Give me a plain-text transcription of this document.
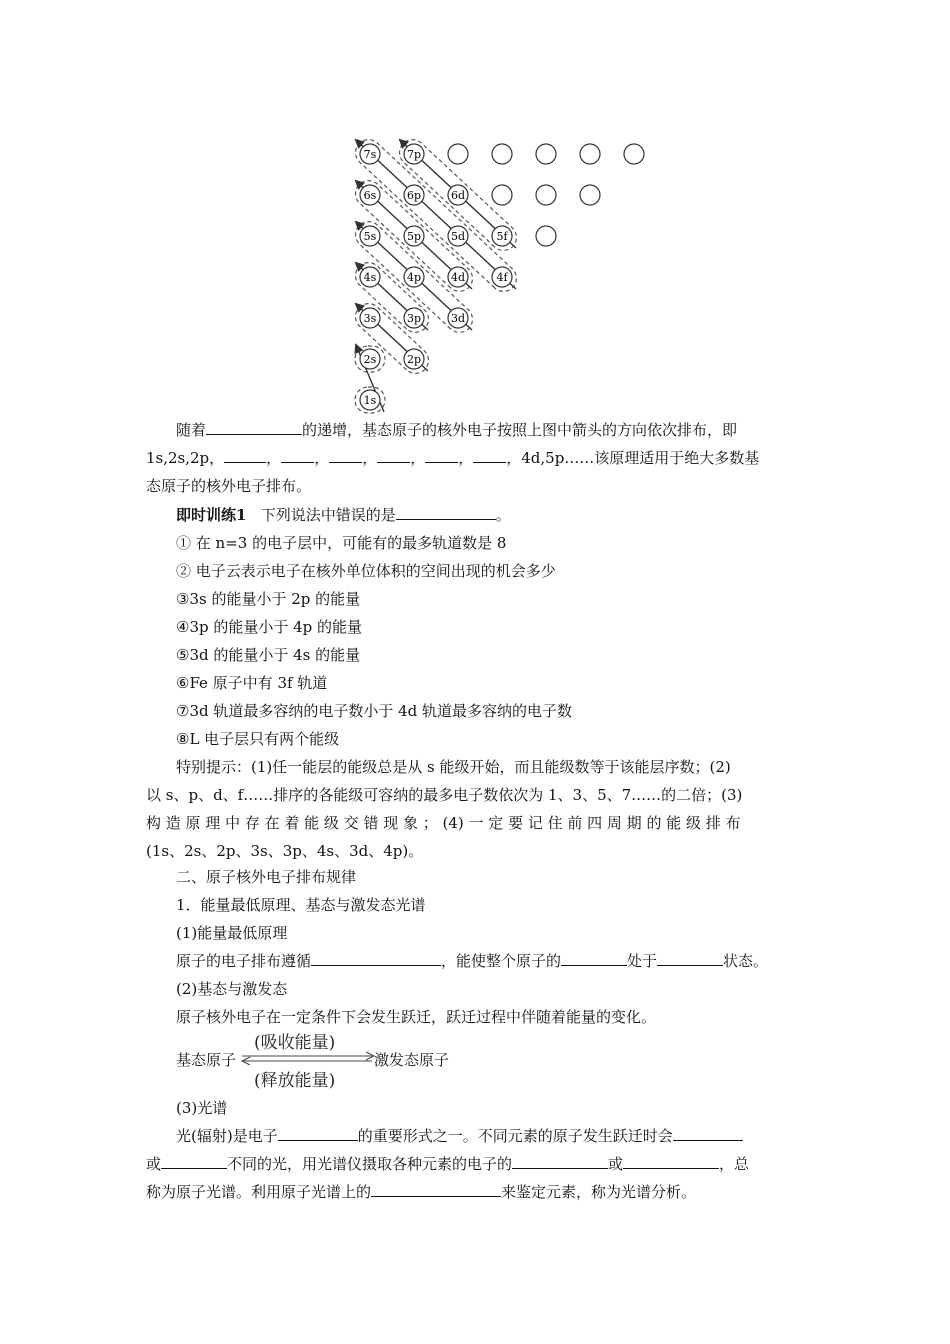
7s	7p
6s	6p	6d
5s	5p	5d	5f
4s	4p	4d	4f
3s	3p	3d
2s	2p
1s
随着	的递增，基态原子的核外电子按照上图中箭头的方向依次排布，即
1s,2s,2p，	， ， ， ， ， ，4d,5p……该原理适用于绝大多数基
态原子的核外电子排布。
即时训练1 下列说法中错误的是	。
① 在 n=3 的电子层中，可能有的最多轨道数是 8
② 电子云表示电子在核外单位体积的空间出现的机会多少
③3s 的能量小于 2p 的能量
④3p 的能量小于 4p 的能量
⑤3d 的能量小于 4s 的能量
⑥Fe 原子中有 3f 轨道
⑦3d 轨道最多容纳的电子数小于 4d 轨道最多容纳的电子数
⑧L 电子层只有两个能级
特别提示：(1)任一能层的能级总是从 s 能级开始，而且能级数等于该能层序数；(2)
以 s、p、d、f……排序的各能级可容纳的最多电子数依次为 1、3、5、7……的二倍；(3)
构 造 原 理 中 存 在 着 能 级 交 错 现 象 ； (4) 一 定 要 记 住 前 四 周 期 的 能 级 排 布
(1s、2s、2p、3s、3p、4s、3d、4p)。
二、原子核外电子排布规律
1．能量最低原理、基态与激发态光谱
(1)能量最低原理
原子的电子排布遵循	，能使整个原子的	处于	状态。
(2)基态与激发态
原子核外电子在一定条件下会发生跃迁，跃迁过程中伴随着能量的变化。
基态原子
(吸收能量)
激发态原子
(释放能量)
(3)光谱
光(辐射)是电子	的重要形式之一。不同元素的原子发生跃迁时会
或	不同的光，用光谱仪摄取各种元素的电子的	或	，总
称为原子光谱。利用原子光谱上的	来鉴定元素，称为光谱分析。
